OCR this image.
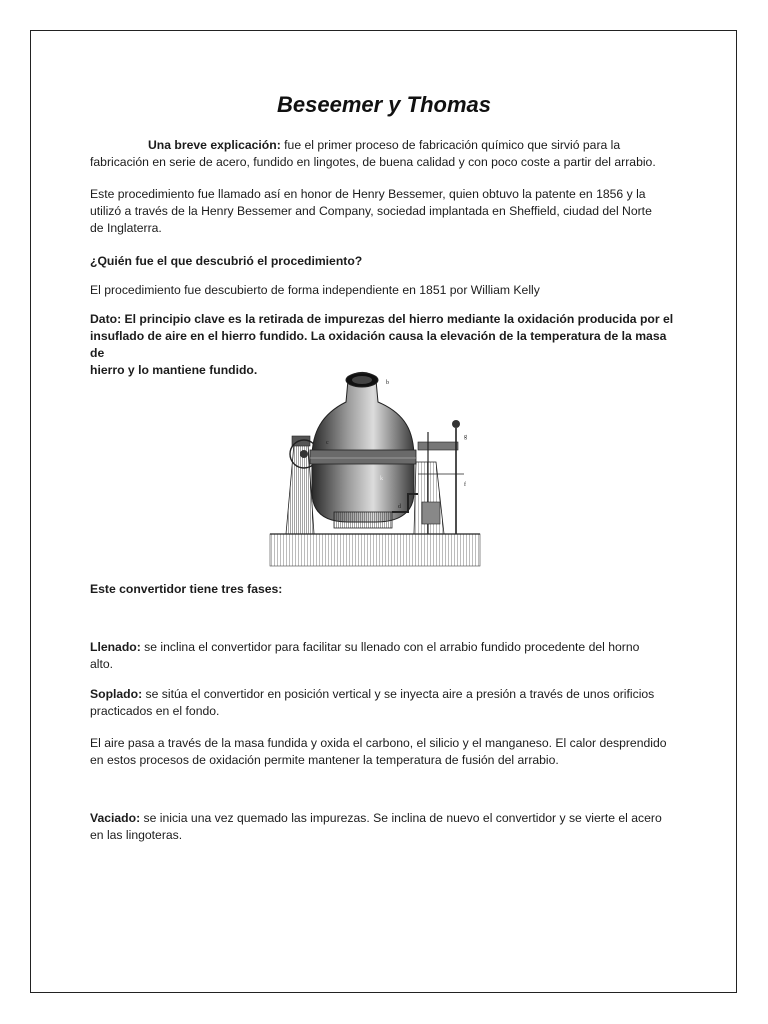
Beseemer y Thomas
Una breve explicación: fue el primer proceso de fabricación químico que sirvió para la
fabricación en serie de acero, fundido en lingotes, de buena calidad y con poco coste a partir del arrabio.
Este procedimiento fue llamado así en honor de Henry Bessemer, quien obtuvo la patente en 1856 y la
utilizó a través de la Henry Bessemer and Company, sociedad implantada en Sheffield, ciudad del Norte
de Inglaterra.
¿Quién fue el que descubrió el procedimiento?
El procedimiento fue descubierto de forma independiente en 1851 por William Kelly
Dato: El principio clave es la retirada de impurezas del hierro mediante la oxidación producida por el
insuflado de aire en el hierro fundido. La oxidación causa la elevación de la temperatura de la masa de
hierro y lo mantiene fundido.
b
c
g
f
k
d
Este convertidor tiene tres fases:
Llenado: se inclina el convertidor para facilitar su llenado con el arrabio fundido procedente del horno
alto.
Soplado: se sitúa el convertidor en posición vertical y se inyecta aire a presión a través de unos orificios
practicados en el fondo.
El aire pasa a través de la masa fundida y oxida el carbono, el silicio y el manganeso. El calor desprendido
en estos procesos de oxidación permite mantener la temperatura de fusión del arrabio.
Vaciado: se inicia una vez quemado las impurezas. Se inclina de nuevo el convertidor y se vierte el acero
en las lingoteras.
